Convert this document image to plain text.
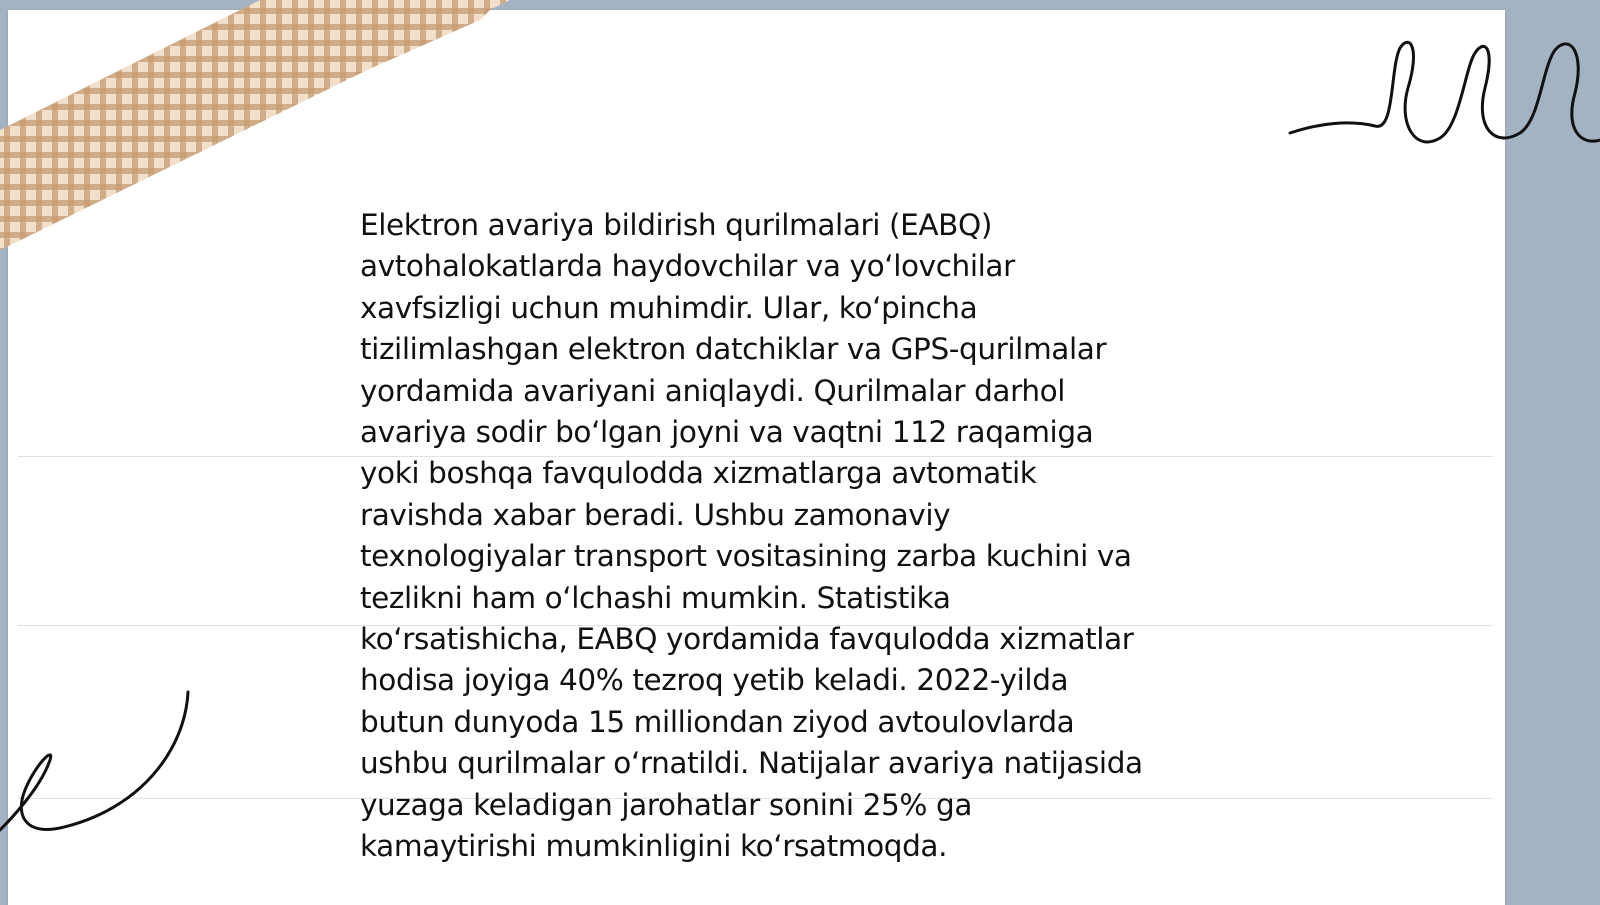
Elektron avariya bildirish qurilmalari (EABQ)
avtohalokatlarda haydovchilar va yoʻlovchilar
xavfsizligi uchun muhimdir. Ular, koʻpincha
tizilimlashgan elektron datchiklar va GPS-qurilmalar
yordamida avariyani aniqlaydi. Qurilmalar darhol
avariya sodir boʻlgan joyni va vaqtni 112 raqamiga
yoki boshqa favqulodda xizmatlarga avtomatik
ravishda xabar beradi. Ushbu zamonaviy
texnologiyalar transport vositasining zarba kuchini va
tezlikni ham oʻlchashi mumkin. Statistika
koʻrsatishicha, EABQ yordamida favqulodda xizmatlar
hodisa joyiga 40% tezroq yetib keladi. 2022-yilda
butun dunyoda 15 milliondan ziyod avtoulovlarda
ushbu qurilmalar oʻrnatildi. Natijalar avariya natijasida
yuzaga keladigan jarohatlar sonini 25% ga
kamaytirishi mumkinligini koʻrsatmoqda.
